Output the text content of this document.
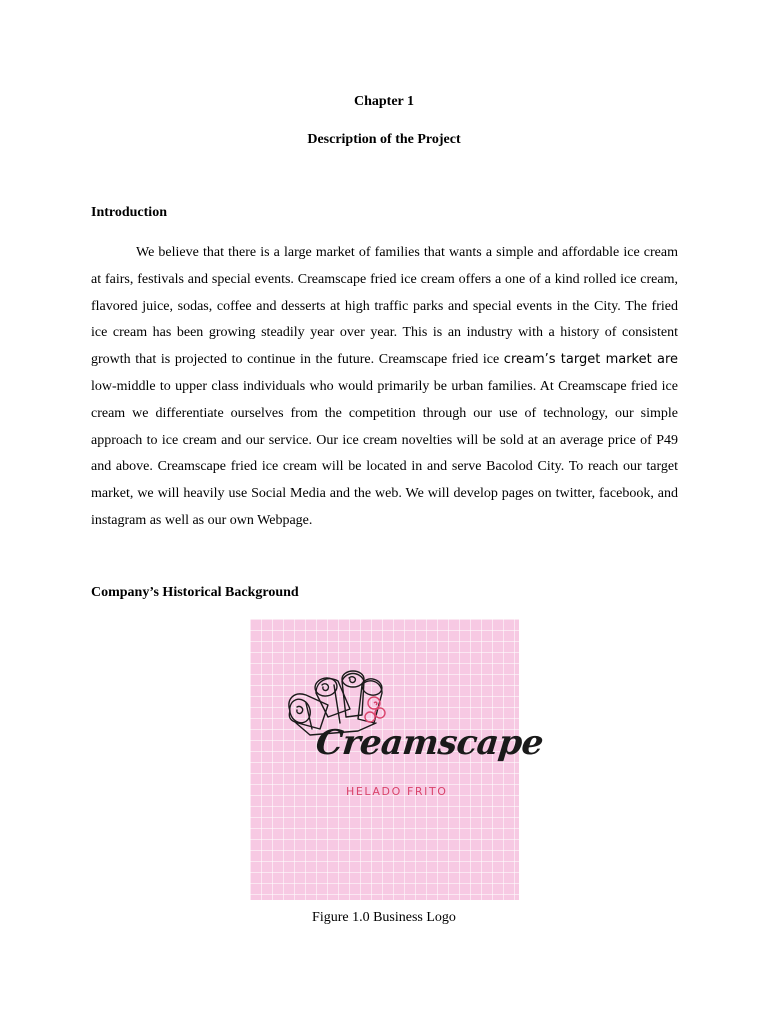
Chapter 1
Description of the Project
Introduction

We believe that there is a large market of families that wants a simple and affordable ice cream at fairs, festivals and special events. Creamscape fried ice cream offers a one of a kind rolled ice cream, flavored juice, sodas, coffee and desserts at high traffic parks and special events in the City. The fried ice cream has been growing steadily year over year. This is an industry with a history of consistent growth that is projected to continue in the future. Creamscape fried ice cream’s target market are low-middle to upper class individuals who would primarily be urban families. At Creamscape fried ice cream we differentiate ourselves from the competition through our use of technology, our simple approach to ice cream and our service. Our ice cream novelties will be sold at an average price of P49 and above. Creamscape fried ice cream will be located in and serve Bacolod City. To reach our target market, we will heavily use Social Media and the web. We will develop pages on twitter, facebook, and instagram as well as our own Webpage.

Company’s Historical Background
Creamscape
HELADO FRITO
Figure 1.0 Business Logo
